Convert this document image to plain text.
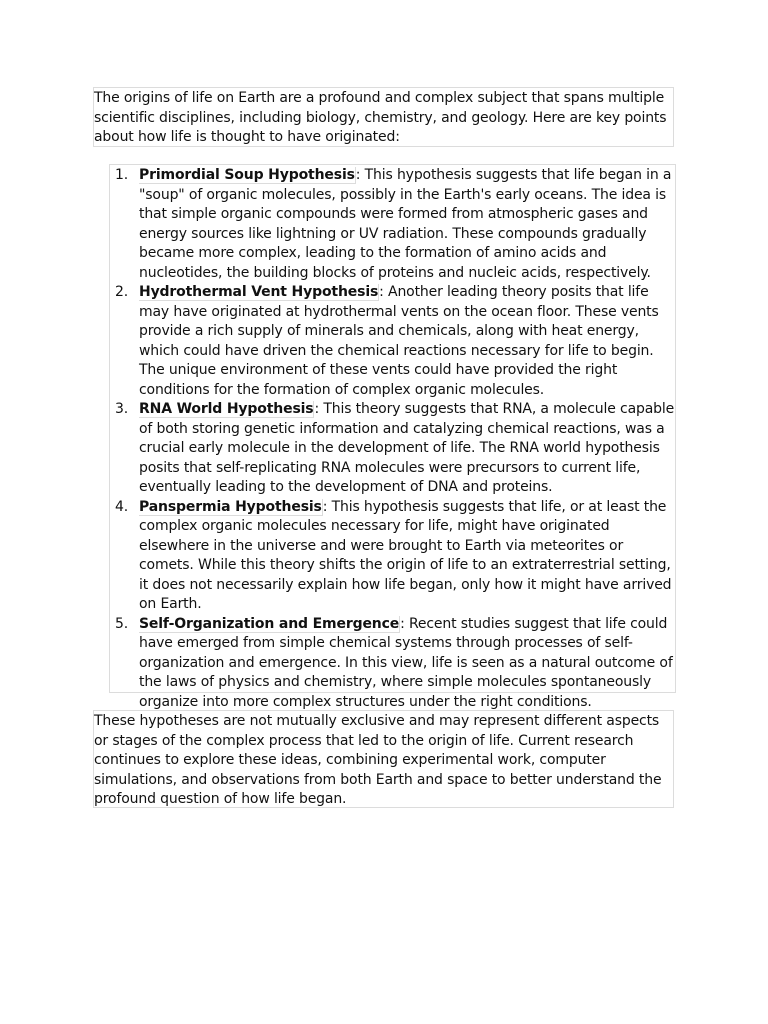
The origins of life on Earth are a profound and complex subject that spans multiple scientific disciplines, including biology, chemistry, and geology. Here are key points about how life is thought to have originated:

1. Primordial Soup Hypothesis: This hypothesis suggests that life began in a "soup" of organic molecules, possibly in the Earth's early oceans. The idea is that simple organic compounds were formed from atmospheric gases and energy sources like lightning or UV radiation. These compounds gradually became more complex, leading to the formation of amino acids and nucleotides, the building blocks of proteins and nucleic acids, respectively.
2. Hydrothermal Vent Hypothesis: Another leading theory posits that life may have originated at hydrothermal vents on the ocean floor. These vents provide a rich supply of minerals and chemicals, along with heat energy, which could have driven the chemical reactions necessary for life to begin. The unique environment of these vents could have provided the right conditions for the formation of complex organic molecules.
3. RNA World Hypothesis: This theory suggests that RNA, a molecule capable of both storing genetic information and catalyzing chemical reactions, was a crucial early molecule in the development of life. The RNA world hypothesis posits that self-replicating RNA molecules were precursors to current life, eventually leading to the development of DNA and proteins.
4. Panspermia Hypothesis: This hypothesis suggests that life, or at least the complex organic molecules necessary for life, might have originated elsewhere in the universe and were brought to Earth via meteorites or comets. While this theory shifts the origin of life to an extraterrestrial setting, it does not necessarily explain how life began, only how it might have arrived on Earth.
5. Self-Organization and Emergence: Recent studies suggest that life could have emerged from simple chemical systems through processes of self-organization and emergence. In this view, life is seen as a natural outcome of the laws of physics and chemistry, where simple molecules spontaneously organize into more complex structures under the right conditions.

These hypotheses are not mutually exclusive and may represent different aspects or stages of the complex process that led to the origin of life. Current research continues to explore these ideas, combining experimental work, computer simulations, and observations from both Earth and space to better understand the profound question of how life began.
